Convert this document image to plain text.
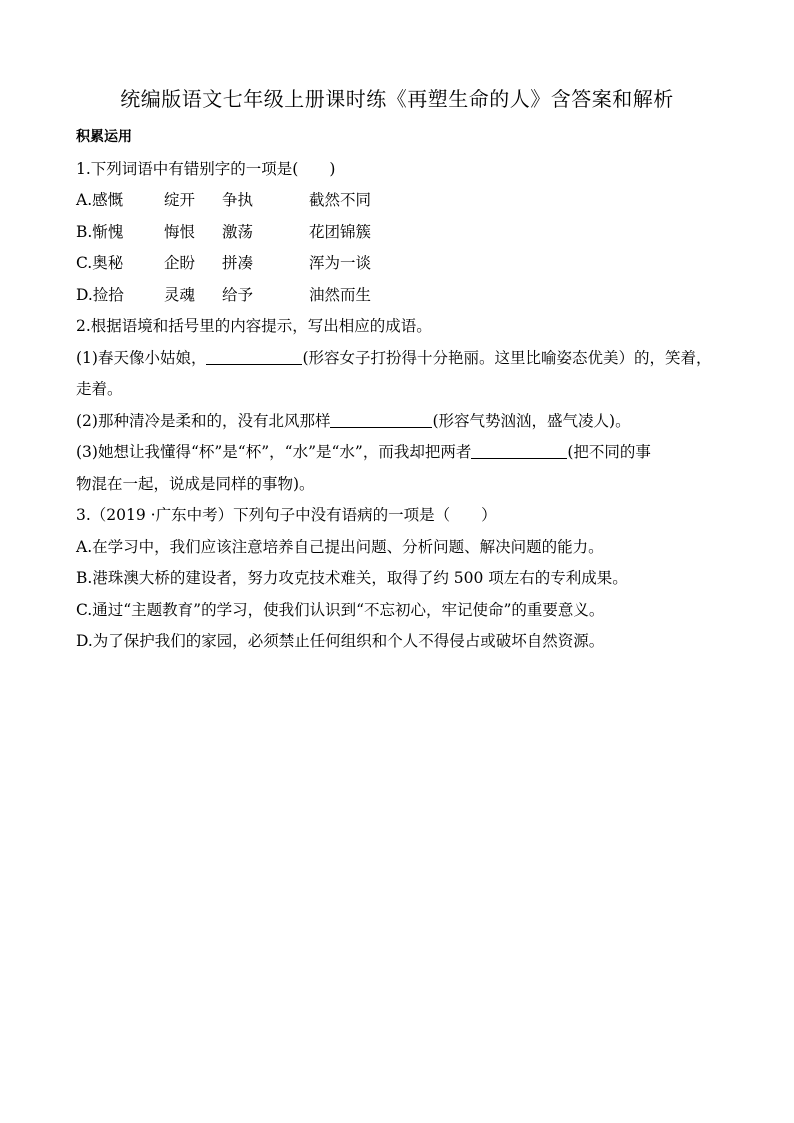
统编版语文七年级上册课时练《再塑生命的人》含答案和解析
积累运用
1.下列词语中有错别字的一项是(　　)
A.感慨	绽开	争执	截然不同
B.惭愧	悔恨	激荡	花团锦簇
C.奥秘	企盼	拼凑	浑为一谈
D.捡拾	灵魂	给予	油然而生
2.根据语境和括号里的内容提示，写出相应的成语。
(1)春天像小姑娘，	(形容女子打扮得十分艳丽。这里比喻姿态优美）的，笑着，
走着。
(2)那种清冷是柔和的，没有北风那样	(形容气势汹汹，盛气凌人)。
(3)她想让我懂得“杯”是“杯”，“水”是“水”，而我却把两者	(把不同的事
物混在一起，说成是同样的事物)。
3.（2019 ·广东中考）下列句子中没有语病的一项是（　　）
A.在学习中，我们应该注意培养自己提出问题、分析问题、解决问题的能力。
B.港珠澳大桥的建设者，努力攻克技术难关，取得了约 500 项左右的专利成果。
C.通过“主题教育”的学习，使我们认识到“不忘初心，牢记使命”的重要意义。
D.为了保护我们的家园，必须禁止任何组织和个人不得侵占或破坏自然资源。
